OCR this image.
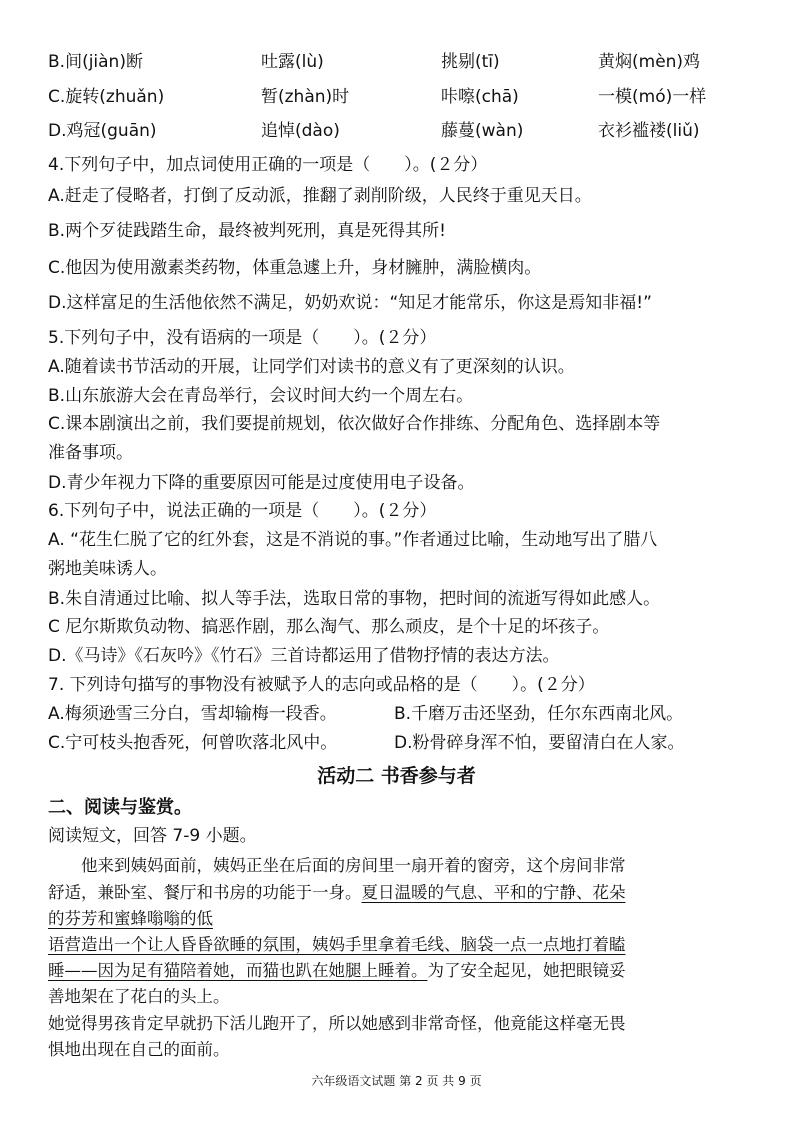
B.间(jiàn)断	吐露(lù)	挑剔(tī)	黄焖(mèn)鸡
C.旋转(zhuǎn)	暂(zhàn)时	咔嚓(chā)	一模(mó)一样
D.鸡冠(guān)	追悼(dào)	藤蔓(wàn)	衣衫褴褛(liǔ)
4.下列句子中，加点词使用正确的一项是（　　）。(２分）
A.赶走了侵略者，打倒了反动派，推翻了剥削阶级，人民终于重见天日。
B.两个歹徒践踏生命，最终被判死刑，真是死得其所!
C.他因为使用激素类药物，体重急遽上升，身材臃肿，满脸横肉。
D.这样富足的生活他依然不满足，奶奶欢说：“知足才能常乐，你这是焉知非福!”
5.下列句子中，没有语病的一项是（　　）。(２分）
A.随着读书节活动的开展，让同学们对读书的意义有了更深刻的认识。
B.山东旅游大会在青岛举行，会议时间大约一个周左右。
C.课本剧演出之前，我们要提前规划，依次做好合作排练、分配角色、选择剧本等
准备事项。
D.青少年视力下降的重要原因可能是过度使用电子设备。
6.下列句子中，说法正确的一项是（　　）。(２分）
A. “花生仁脱了它的红外套，这是不消说的事。”作者通过比喻，生动地写出了腊八
粥地美味诱人。
B.朱自清通过比喻、拟人等手法，选取日常的事物，把时间的流逝写得如此感人。
C 尼尔斯欺负动物、搞恶作剧，那么淘气、那么顽皮，是个十足的坏孩子。
D.《马诗》《石灰吟》《竹石》三首诗都运用了借物抒情的表达方法。
7. 下列诗句描写的事物没有被赋予人的志向或品格的是（　　）。(２分）
A.梅须逊雪三分白，雪却输梅一段香。	B.千磨万击还坚劲，任尔东西南北风。
C.宁可枝头抱香死，何曾吹落北风中。	D.粉骨碎身浑不怕，要留清白在人家。
活动二 书香参与者
二、阅读与鉴赏。
阅读短文，回答 7-9 小题。
　　他来到姨妈面前，姨妈正坐在后面的房间里一扇开着的窗旁，这个房间非常
舒适，兼卧室、餐厅和书房的功能于一身。夏日温暖的气息、平和的宁静、花朵
的芬芳和蜜蜂嗡嗡的低
语营造出一个让人昏昏欲睡的氛围，姨妈手里拿着毛线、脑袋一点一点地打着瞌
睡——因为足有猫陪着她，而猫也趴在她腿上睡着。为了安全起见，她把眼镜妥
善地架在了花白的头上。
她觉得男孩肯定早就扔下活儿跑开了，所以她感到非常奇怪，他竟能这样毫无畏
惧地出现在自己的面前。
六年级语文试题 第 2 页 共 9 页
